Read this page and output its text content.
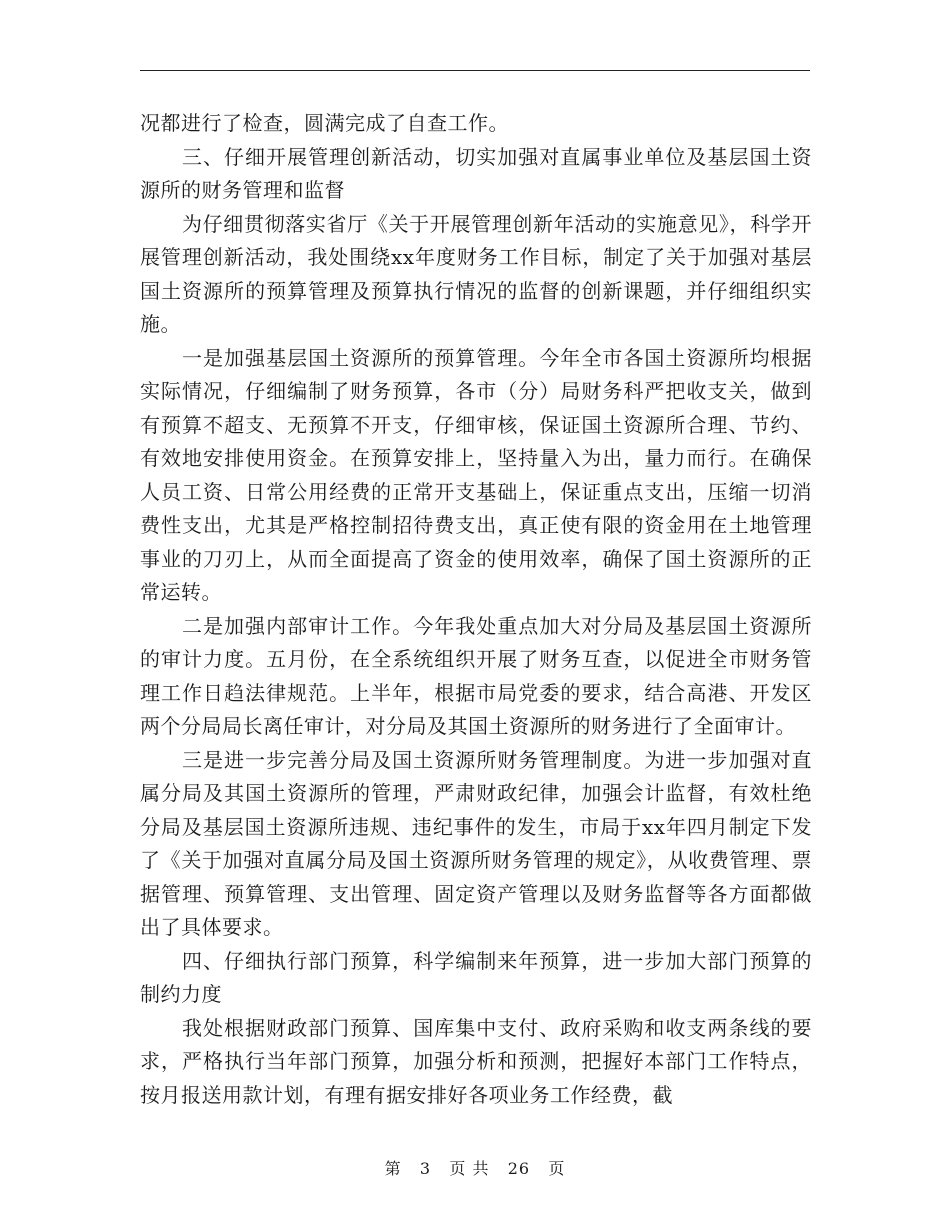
况都进行了检查，圆满完成了自查工作。

三、仔细开展管理创新活动，切实加强对直属事业单位及基层国土资源所的财务管理和监督

为仔细贯彻落实省厅《关于开展管理创新年活动的实施意见》，科学开展管理创新活动，我处围绕xx年度财务工作目标，制定了关于加强对基层国土资源所的预算管理及预算执行情况的监督的创新课题，并仔细组织实施。

一是加强基层国土资源所的预算管理。今年全市各国土资源所均根据实际情况，仔细编制了财务预算，各市（分）局财务科严把收支关，做到有预算不超支、无预算不开支，仔细审核，保证国土资源所合理、节约、有效地安排使用资金。在预算安排上，坚持量入为出，量力而行。在确保人员工资、日常公用经费的正常开支基础上，保证重点支出，压缩一切消费性支出，尤其是严格控制招待费支出，真正使有限的资金用在土地管理事业的刀刃上，从而全面提高了资金的使用效率，确保了国土资源所的正常运转。

二是加强内部审计工作。今年我处重点加大对分局及基层国土资源所的审计力度。五月份，在全系统组织开展了财务互查，以促进全市财务管理工作日趋法律规范。上半年，根据市局党委的要求，结合高港、开发区两个分局局长离任审计，对分局及其国土资源所的财务进行了全面审计。

三是进一步完善分局及国土资源所财务管理制度。为进一步加强对直属分局及其国土资源所的管理，严肃财政纪律，加强会计监督，有效杜绝分局及基层国土资源所违规、违纪事件的发生，市局于xx年四月制定下发了《关于加强对直属分局及国土资源所财务管理的规定》，从收费管理、票据管理、预算管理、支出管理、固定资产管理以及财务监督等各方面都做出了具体要求。

四、仔细执行部门预算，科学编制来年预算，进一步加大部门预算的制约力度

我处根据财政部门预算、国库集中支付、政府采购和收支两条线的要求，严格执行当年部门预算，加强分析和预测，把握好本部门工作特点，按月报送用款计划，有理有据安排好各项业务工作经费，截

第 3 页 共 26 页
